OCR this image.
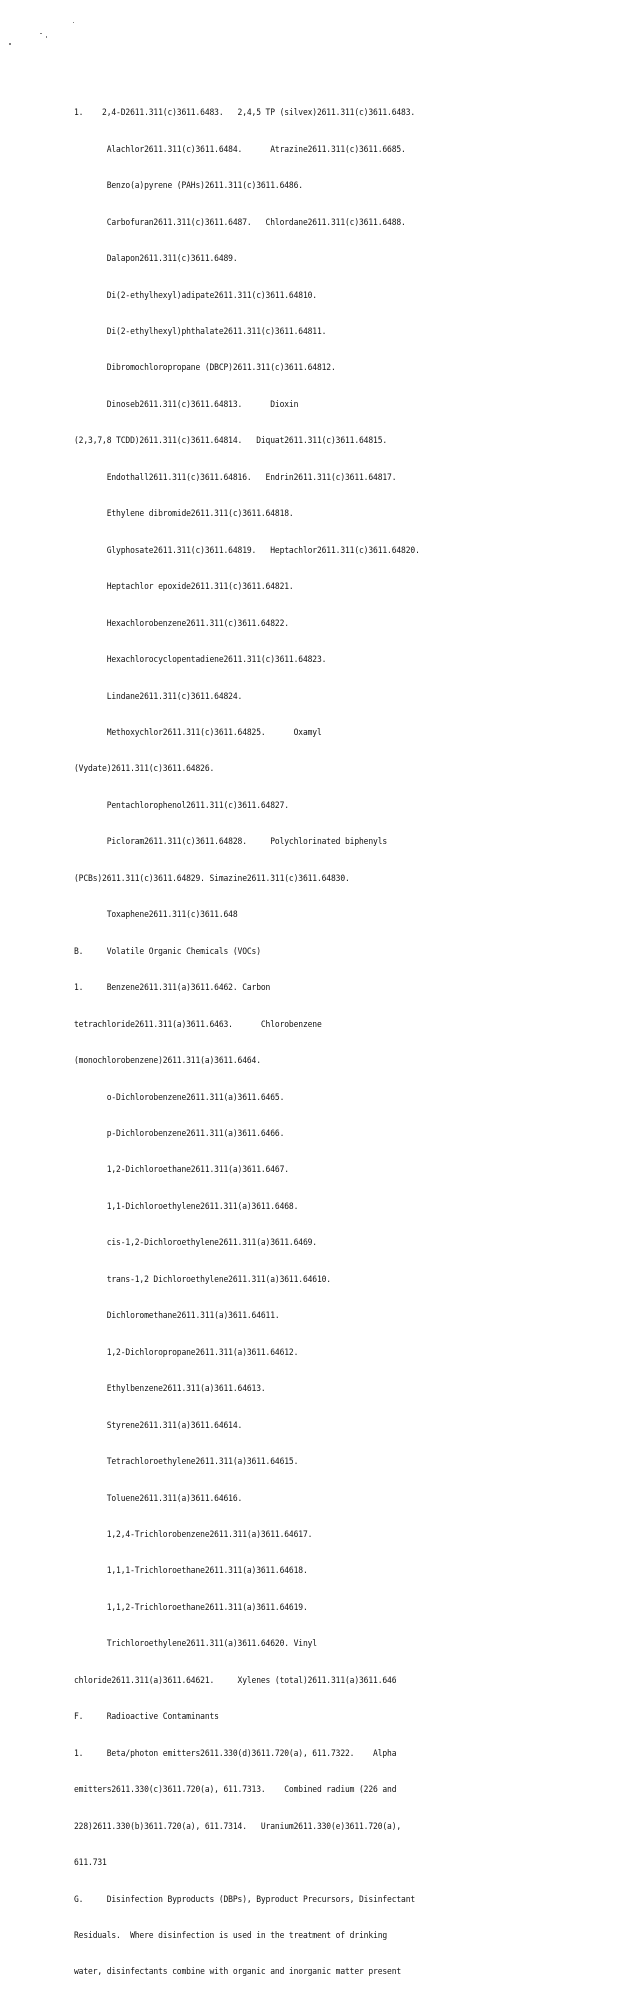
1.    2,4-D2611.311(c)3611.6483.   2,4,5 TP (silvex)2611.311(c)3611.6483.

Alachlor2611.311(c)3611.6484.      Atrazine2611.311(c)3611.6685.

Benzo(a)pyrene (PAHs)2611.311(c)3611.6486.

Carbofuran2611.311(c)3611.6487.   Chlordane2611.311(c)3611.6488.

Dalapon2611.311(c)3611.6489.

Di(2-ethylhexyl)adipate2611.311(c)3611.64810.

Di(2-ethylhexyl)phthalate2611.311(c)3611.64811.

Dibromochloropropane (DBCP)2611.311(c)3611.64812.

Dinoseb2611.311(c)3611.64813.      Dioxin

(2,3,7,8 TCDD)2611.311(c)3611.64814.   Diquat2611.311(c)3611.64815.

Endothall2611.311(c)3611.64816.   Endrin2611.311(c)3611.64817.

Ethylene dibromide2611.311(c)3611.64818.

Glyphosate2611.311(c)3611.64819.   Heptachlor2611.311(c)3611.64820.

Heptachlor epoxide2611.311(c)3611.64821.

Hexachlorobenzene2611.311(c)3611.64822.

Hexachlorocyclopentadiene2611.311(c)3611.64823.

Lindane2611.311(c)3611.64824.

Methoxychlor2611.311(c)3611.64825.      Oxamyl

(Vydate)2611.311(c)3611.64826.

Pentachlorophenol2611.311(c)3611.64827.

Picloram2611.311(c)3611.64828.     Polychlorinated biphenyls

(PCBs)2611.311(c)3611.64829. Simazine2611.311(c)3611.64830.

Toxaphene2611.311(c)3611.648

B.     Volatile Organic Chemicals (VOCs)

1.     Benzene2611.311(a)3611.6462. Carbon

tetrachloride2611.311(a)3611.6463.      Chlorobenzene

(monochlorobenzene)2611.311(a)3611.6464.

o-Dichlorobenzene2611.311(a)3611.6465.

p-Dichlorobenzene2611.311(a)3611.6466.

1,2-Dichloroethane2611.311(a)3611.6467.

1,1-Dichloroethylene2611.311(a)3611.6468.

cis-1,2-Dichloroethylene2611.311(a)3611.6469.

trans-1,2 Dichloroethylene2611.311(a)3611.64610.

Dichloromethane2611.311(a)3611.64611.

1,2-Dichloropropane2611.311(a)3611.64612.

Ethylbenzene2611.311(a)3611.64613.

Styrene2611.311(a)3611.64614.

Tetrachloroethylene2611.311(a)3611.64615.

Toluene2611.311(a)3611.64616.

1,2,4-Trichlorobenzene2611.311(a)3611.64617.

1,1,1-Trichloroethane2611.311(a)3611.64618.

1,1,2-Trichloroethane2611.311(a)3611.64619.

Trichloroethylene2611.311(a)3611.64620. Vinyl

chloride2611.311(a)3611.64621.     Xylenes (total)2611.311(a)3611.646

F.     Radioactive Contaminants

1.     Beta/photon emitters2611.330(d)3611.720(a), 611.7322.    Alpha

emitters2611.330(c)3611.720(a), 611.7313.    Combined radium (226 and

228)2611.330(b)3611.720(a), 611.7314.   Uranium2611.330(e)3611.720(a),

611.731

G.     Disinfection Byproducts (DBPs), Byproduct Precursors, Disinfectant

Residuals.  Where disinfection is used in the treatment of drinking

water, disinfectants combine with organic and inorganic matter present
